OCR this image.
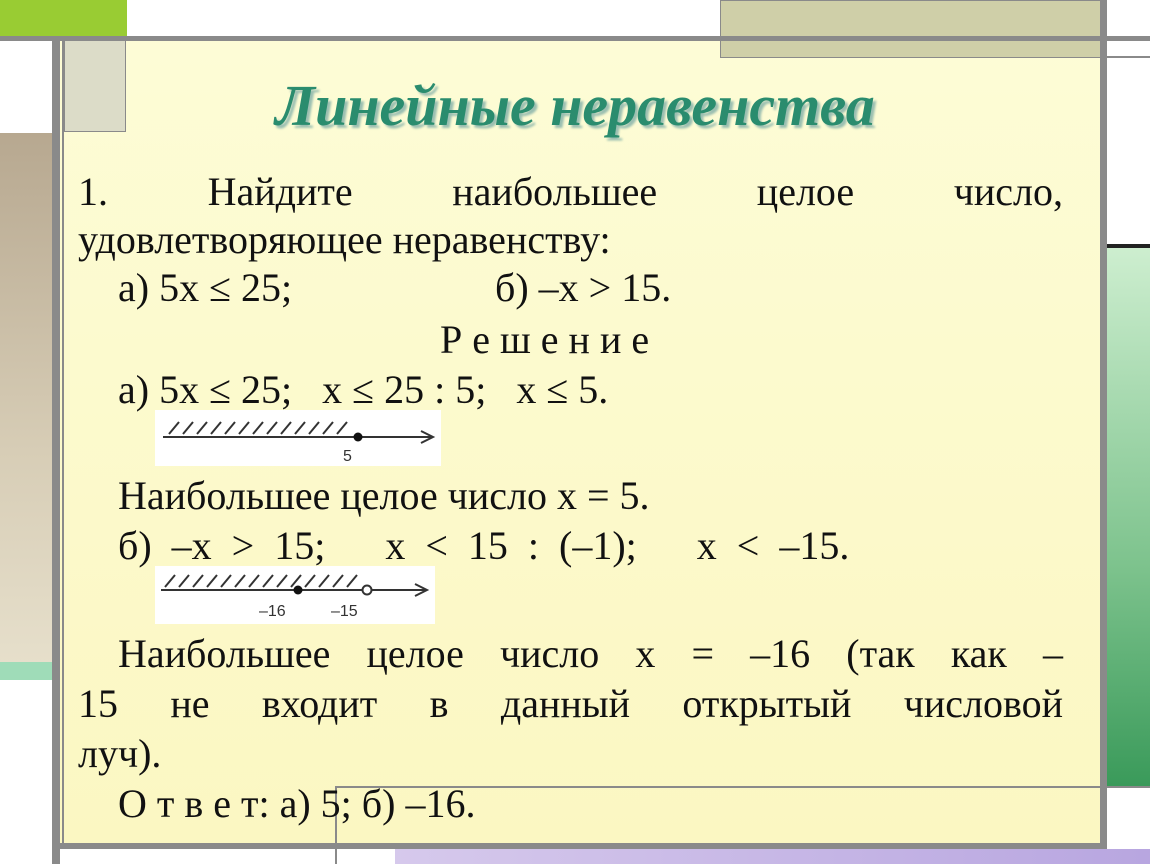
Линейные неравенства
1. Найдите наибольшее целое число,
удовлетворяющее неравенству:
а) 5x ≤ 25;	б) –x > 15.
Р е ш е н и е
а) 5x ≤ 25;   x ≤ 25 : 5;   x ≤ 5.
5
Наибольшее целое число x = 5.
б)  –x  >  15;      x  <  15  :  (–1);      x  <  –15.
–16	–15
Наибольшее целое число x = –16 (так как –
15 не входит в данный открытый числовой
луч).
О т в е т: а) 5; б) –16.
